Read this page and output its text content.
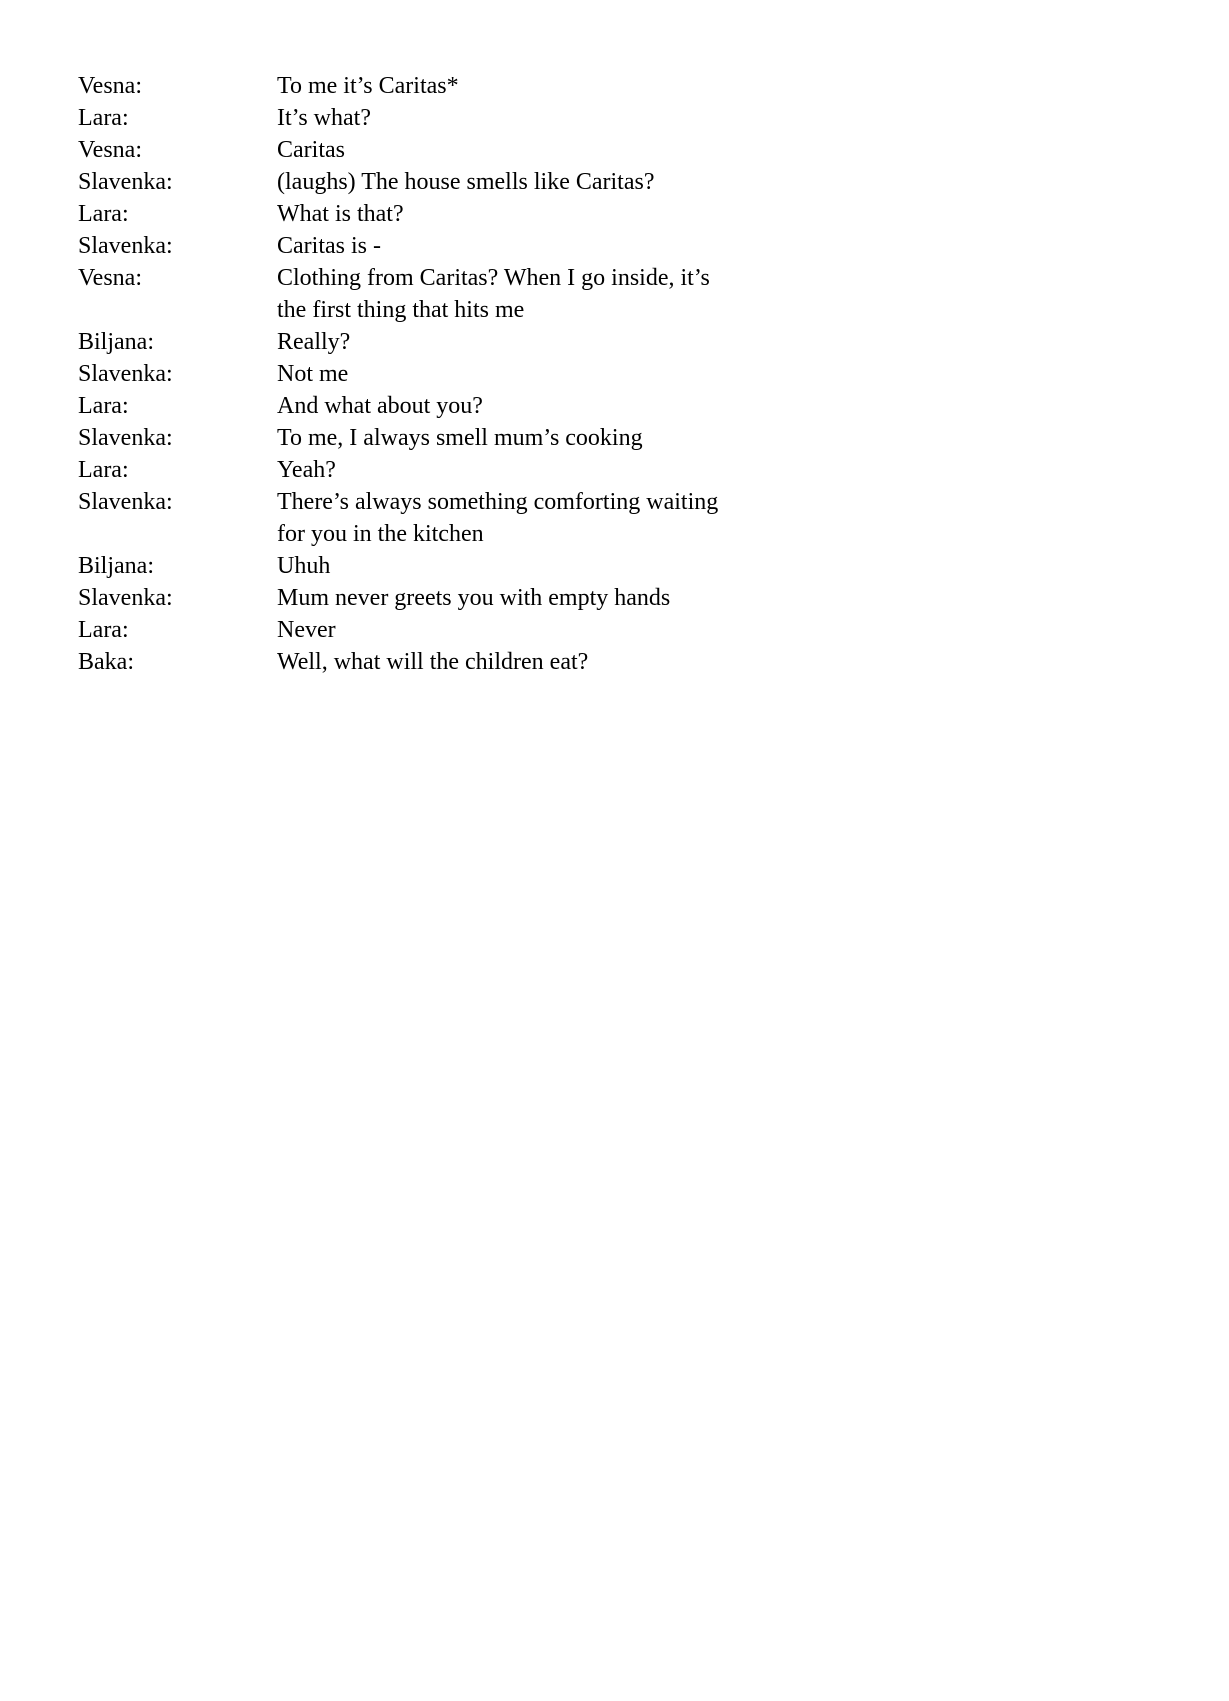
Vesna:	To me it’s Caritas*
Lara:	It’s what?
Vesna:	Caritas
Slavenka:	(laughs) The house smells like Caritas?
Lara:	What is that?
Slavenka:	Caritas is -
Vesna:	Clothing from Caritas? When I go inside, it’s
the first thing that hits me
Biljana:	Really?
Slavenka:	Not me
Lara:	And what about you?
Slavenka:	To me, I always smell mum’s cooking
Lara:	Yeah?
Slavenka:	There’s always something comforting waiting
for you in the kitchen
Biljana:	Uhuh
Slavenka:	Mum never greets you with empty hands
Lara:	Never
Baka:	Well, what will the children eat?
